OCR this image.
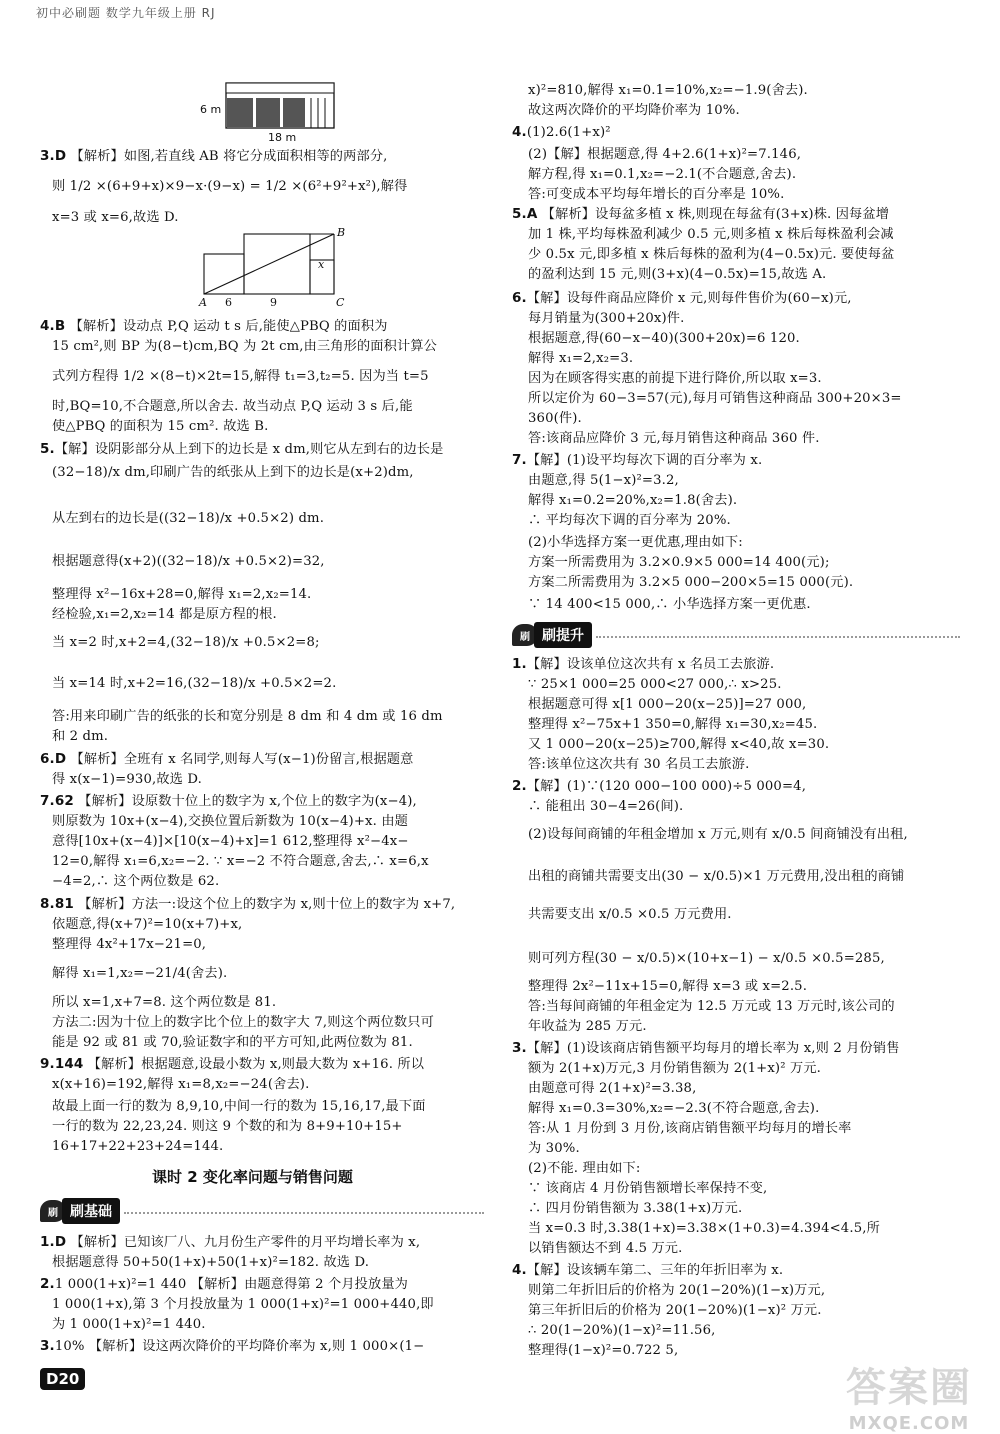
初中必刷题 数学九年级上册 RJ
6 m
18 m
B
x
A 6	9	C
3.D 【解析】如图,若直线 AB 将它分成面积相等的两部分,
则 1/2 ×(6+9+x)×9−x·(9−x) = 1/2 ×(6²+9²+x²),解得
x=3 或 x=6,故选 D.
4.B 【解析】设动点 P,Q 运动 t s 后,能使△PBQ 的面积为
15 cm²,则 BP 为(8−t)cm,BQ 为 2t cm,由三角形的面积计算公
式列方程得 1/2 ×(8−t)×2t=15,解得 t₁=3,t₂=5. 因为当 t=5
时,BQ=10,不合题意,所以舍去. 故当动点 P,Q 运动 3 s 后,能
使△PBQ 的面积为 15 cm². 故选 B.
5.【解】设阴影部分从上到下的边长是 x dm,则它从左到右的边长是
(32−18)/x dm,印刷广告的纸张从上到下的边长是(x+2)dm,
从左到右的边长是((32−18)/x +0.5×2) dm.
根据题意得(x+2)((32−18)/x +0.5×2)=32,
整理得 x²−16x+28=0,解得 x₁=2,x₂=14.
经检验,x₁=2,x₂=14 都是原方程的根.
当 x=2 时,x+2=4,(32−18)/x +0.5×2=8;
当 x=14 时,x+2=16,(32−18)/x +0.5×2=2.
答:用来印刷广告的纸张的长和宽分别是 8 dm 和 4 dm 或 16 dm
和 2 dm.
6.D 【解析】全班有 x 名同学,则每人写(x−1)份留言,根据题意
得 x(x−1)=930,故选 D.
7.62 【解析】设原数十位上的数字为 x,个位上的数字为(x−4),
则原数为 10x+(x−4),交换位置后新数为 10(x−4)+x. 由题
意得[10x+(x−4)]×[10(x−4)+x]=1 612,整理得 x²−4x−
12=0,解得 x₁=6,x₂=−2. ∵ x=−2 不符合题意,舍去,∴ x=6,x
−4=2,∴ 这个两位数是 62.
8.81 【解析】方法一:设这个位上的数字为 x,则十位上的数字为 x+7,
依题意,得(x+7)²=10(x+7)+x,
整理得 4x²+17x−21=0,
解得 x₁=1,x₂=−21/4(舍去).
所以 x=1,x+7=8. 这个两位数是 81.
方法二:因为十位上的数字比个位上的数字大 7,则这个两位数只可
能是 92 或 81 或 70,验证数字和的平方可知,此两位数为 81.
9.144 【解析】根据题意,设最小数为 x,则最大数为 x+16. 所以
x(x+16)=192,解得 x₁=8,x₂=−24(舍去).
故最上面一行的数为 8,9,10,中间一行的数为 15,16,17,最下面
一行的数为 22,23,24. 则这 9 个数的和为 8+9+10+15+
16+17+22+23+24=144.
课时 2 变化率问题与销售问题
刷 刷基础
1.D 【解析】已知该厂八、九月份生产零件的月平均增长率为 x,
根据题意得 50+50(1+x)+50(1+x)²=182. 故选 D.
2.1 000(1+x)²=1 440 【解析】由题意得第 2 个月投放量为
1 000(1+x),第 3 个月投放量为 1 000(1+x)²=1 000+440,即
为 1 000(1+x)²=1 440.
3.10% 【解析】设这两次降价的平均降价率为 x,则 1 000×(1−
x)²=810,解得 x₁=0.1=10%,x₂=−1.9(舍去).
故这两次降价的平均降价率为 10%.
4.(1)2.6(1+x)²
(2)【解】根据题意,得 4+2.6(1+x)²=7.146,
解方程,得 x₁=0.1,x₂=−2.1(不合题意,舍去).
答:可变成本平均每年增长的百分率是 10%.
5.A 【解析】设每盆多植 x 株,则现在每盆有(3+x)株. 因每盆增
加 1 株,平均每株盈利减少 0.5 元,则多植 x 株后每株盈利会减
少 0.5x 元,即多植 x 株后每株的盈利为(4−0.5x)元. 要使每盆
的盈利达到 15 元,则(3+x)(4−0.5x)=15,故选 A.
6.【解】设每件商品应降价 x 元,则每件售价为(60−x)元,
每月销量为(300+20x)件.
根据题意,得(60−x−40)(300+20x)=6 120.
解得 x₁=2,x₂=3.
因为在顾客得实惠的前提下进行降价,所以取 x=3.
所以定价为 60−3=57(元),每月可销售这种商品 300+20×3=
360(件).
答:该商品应降价 3 元,每月销售这种商品 360 件.
7.【解】(1)设平均每次下调的百分率为 x.
由题意,得 5(1−x)²=3.2,
解得 x₁=0.2=20%,x₂=1.8(舍去).
∴ 平均每次下调的百分率为 20%.
(2)小华选择方案一更优惠,理由如下:
方案一所需费用为 3.2×0.9×5 000=14 400(元);
方案二所需费用为 3.2×5 000−200×5=15 000(元).
∵ 14 400<15 000,∴ 小华选择方案一更优惠.
刷 刷提升
1.【解】设该单位这次共有 x 名员工去旅游.
∵ 25×1 000=25 000<27 000,∴ x>25.
根据题意可得 x[1 000−20(x−25)]=27 000,
整理得 x²−75x+1 350=0,解得 x₁=30,x₂=45.
又 1 000−20(x−25)≥700,解得 x<40,故 x=30.
答:该单位这次共有 30 名员工去旅游.
2.【解】(1)∵(120 000−100 000)÷5 000=4,
∴ 能租出 30−4=26(间).
(2)设每间商铺的年租金增加 x 万元,则有 x/0.5 间商铺没有出租,
出租的商铺共需要支出(30 − x/0.5)×1 万元费用,没出租的商铺
共需要支出 x/0.5 ×0.5 万元费用.
则可列方程(30 − x/0.5)×(10+x−1) − x/0.5 ×0.5=285,
整理得 2x²−11x+15=0,解得 x=3 或 x=2.5.
答:当每间商铺的年租金定为 12.5 万元或 13 万元时,该公司的
年收益为 285 万元.
3.【解】(1)设该商店销售额平均每月的增长率为 x,则 2 月份销售
额为 2(1+x)万元,3 月份销售额为 2(1+x)² 万元.
由题意可得 2(1+x)²=3.38,
解得 x₁=0.3=30%,x₂=−2.3(不符合题意,舍去).
答:从 1 月份到 3 月份,该商店销售额平均每月的增长率
为 30%.
(2)不能. 理由如下:
∵ 该商店 4 月份销售额增长率保持不变,
∴ 四月份销售额为 3.38(1+x)万元.
当 x=0.3 时,3.38(1+x)=3.38×(1+0.3)=4.394<4.5,所
以销售额达不到 4.5 万元.
4.【解】设该辆车第二、三年的年折旧率为 x.
则第二年折旧后的价格为 20(1−20%)(1−x)万元,
第三年折旧后的价格为 20(1−20%)(1−x)² 万元.
∴ 20(1−20%)(1−x)²=11.56,
整理得(1−x)²=0.722 5,
D20	答案圈
MXQE.COM
